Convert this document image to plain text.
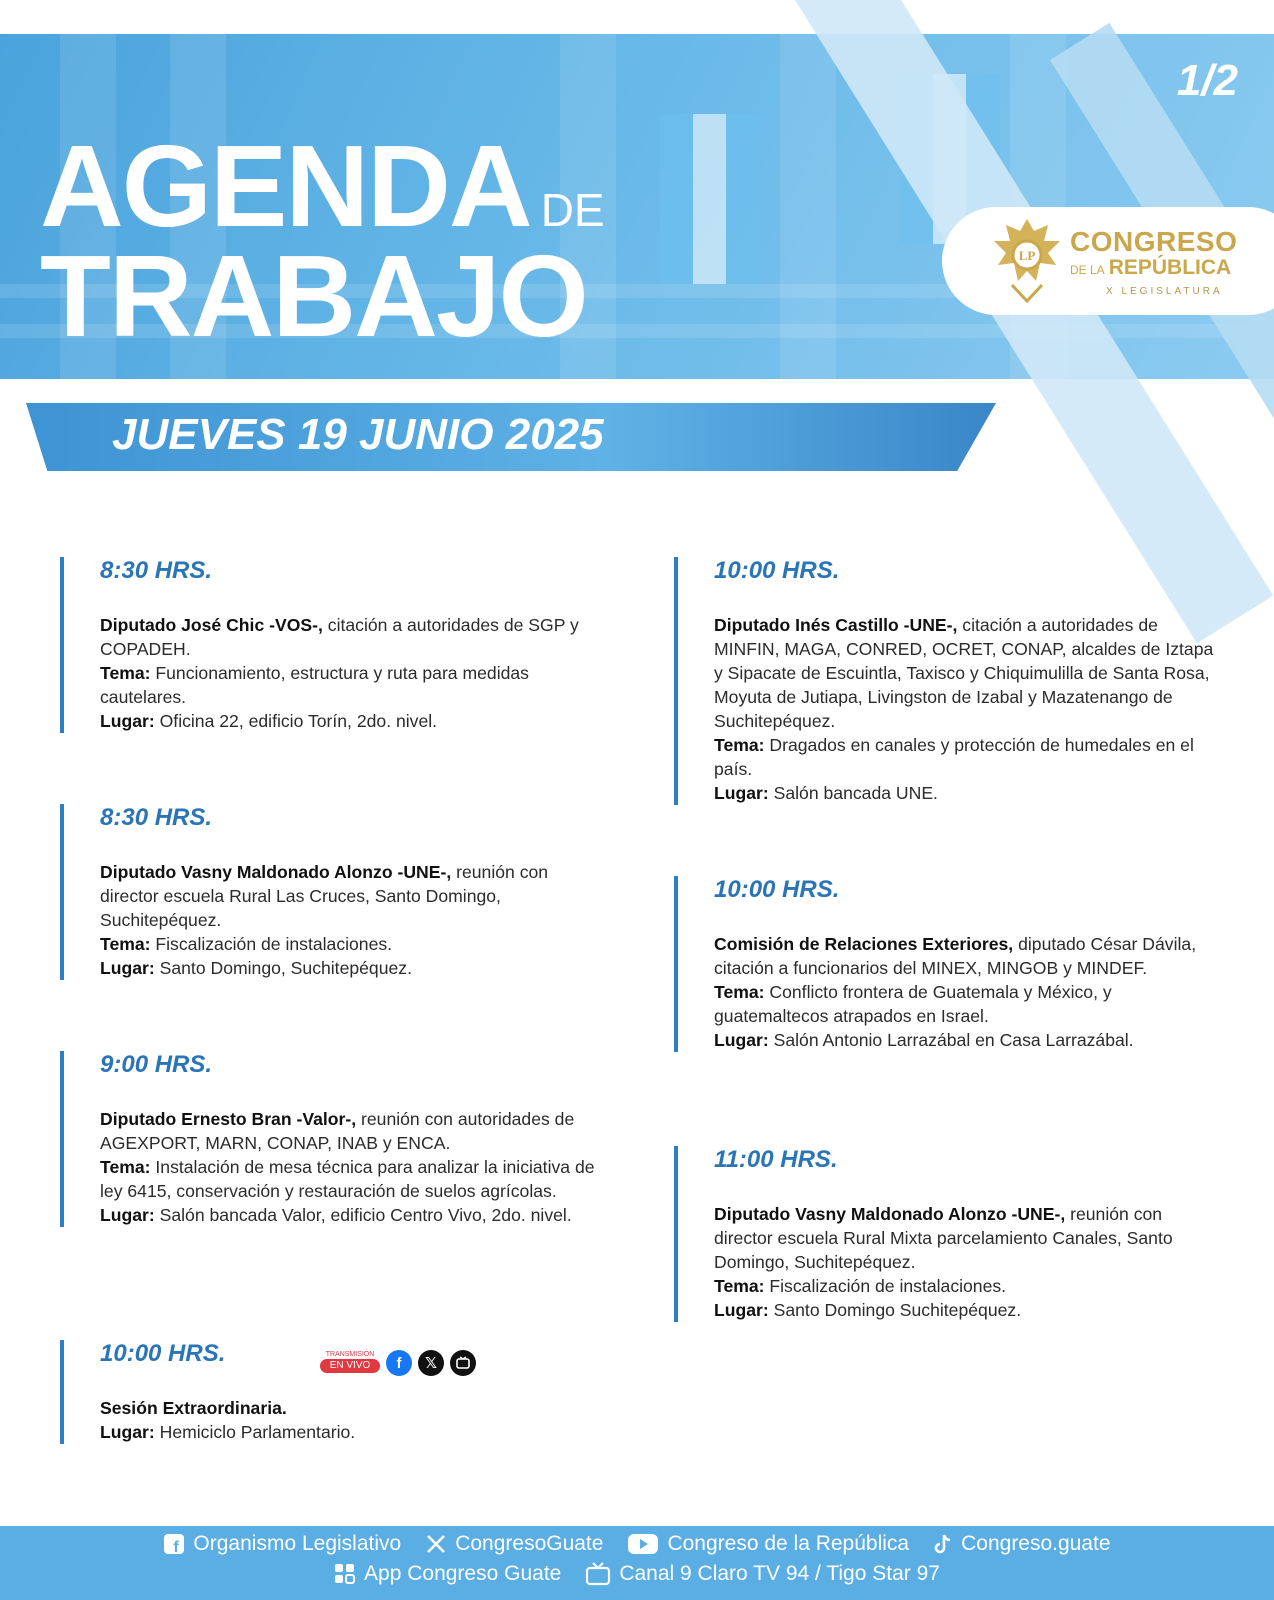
AGENDA DE
TRABAJO
1/2
LP CONGRESO
DE LA REPÚBLICA
X LEGISLATURA
JUEVES 19 JUNIO 2025
8:30 HRS.

Diputado José Chic -VOS-, citación a autoridades de SGP y COPADEH.

Tema: Funcionamiento, estructura y ruta para medidas cautelares.

Lugar: Oficina 22, edificio Torín, 2do. nivel.

8:30 HRS.

Diputado Vasny Maldonado Alonzo -UNE-, reunión con director escuela Rural Las Cruces, Santo Domingo, Suchitepéquez.

Tema: Fiscalización de instalaciones.

Lugar: Santo Domingo, Suchitepéquez.

9:00 HRS.

Diputado Ernesto Bran -Valor-, reunión con autoridades de AGEXPORT, MARN, CONAP, INAB y ENCA.

Tema: Instalación de mesa técnica para analizar la iniciativa de ley 6415, conservación y restauración de suelos agrícolas.

Lugar: Salón bancada Valor, edificio Centro Vivo, 2do. nivel.

10:00 HRS.	TRANSMISIÓN
EN VIVO	f	𝕏

Sesión Extraordinaria.

Lugar: Hemiciclo Parlamentario.

10:00 HRS.

Diputado Inés Castillo -UNE-, citación a autoridades de MINFIN, MAGA, CONRED, OCRET, CONAP, alcaldes de Iztapa y Sipacate de Escuintla, Taxisco y Chiquimulilla de Santa Rosa, Moyuta de Jutiapa, Livingston de Izabal y Mazatenango de Suchitepéquez.

Tema: Dragados en canales y protección de humedales en el país.

Lugar: Salón bancada UNE.

10:00 HRS.

Comisión de Relaciones Exteriores, diputado César Dávila, citación a funcionarios del MINEX, MINGOB y MINDEF.

Tema: Conflicto frontera de Guatemala y México, y guatemaltecos atrapados en Israel.

Lugar: Salón Antonio Larrazábal en Casa Larrazábal.

11:00 HRS.

Diputado Vasny Maldonado Alonzo -UNE-, reunión con director escuela Rural Mixta parcelamiento Canales, Santo Domingo, Suchitepéquez.

Tema: Fiscalización de instalaciones.

Lugar: Santo Domingo Suchitepéquez.

f Organismo Legislativo	CongresoGuate	Congreso de la República Congreso.guate
App Congreso Guate	Canal 9 Claro TV 94 / Tigo Star 97
